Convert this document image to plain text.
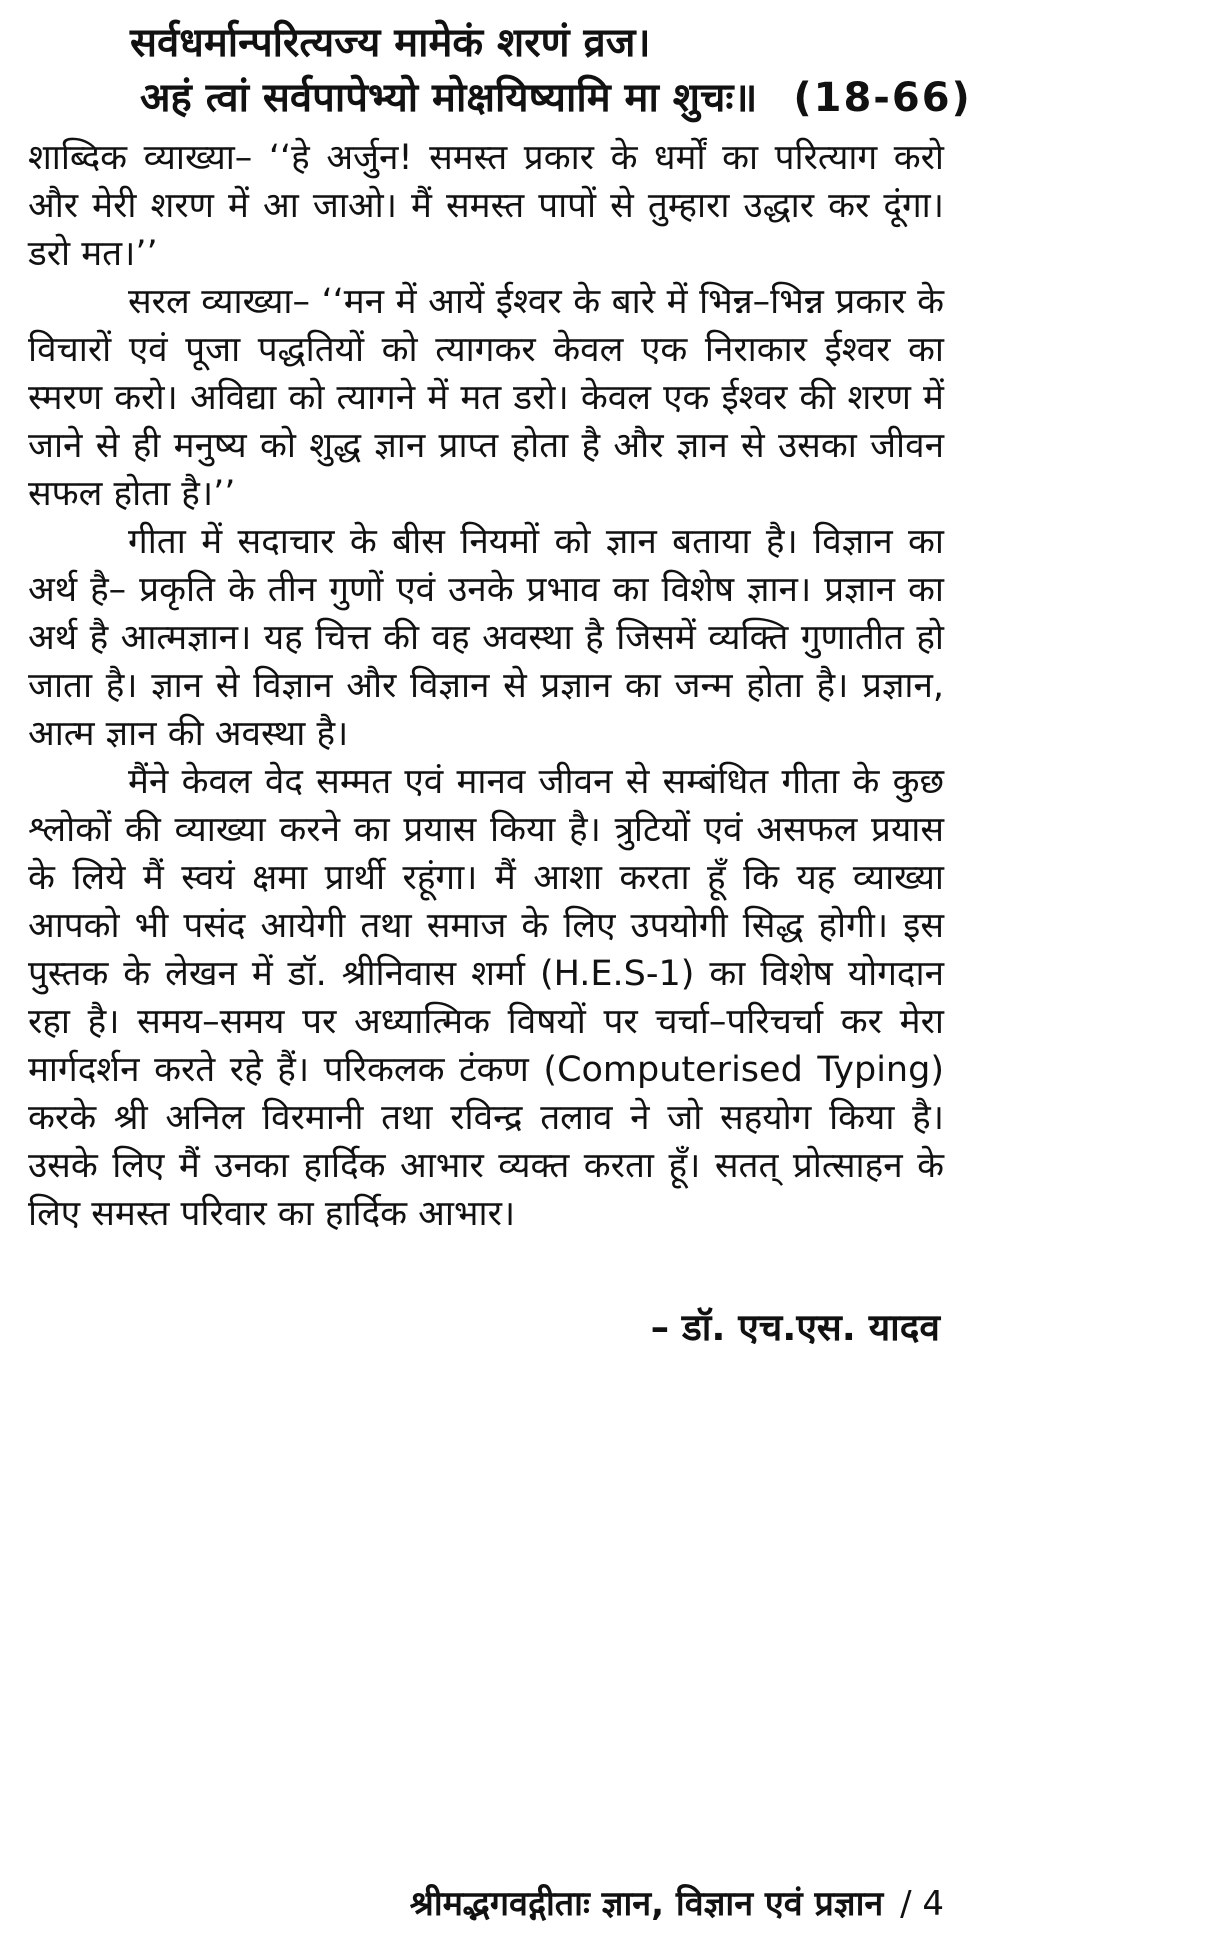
सर्वधर्मान्परित्यज्य मामेकं शरणं व्रज।
अहं त्वां सर्वपापेभ्यो मोक्षयिष्यामि मा शुचः॥ (18-66)

शाब्दिक व्याख्या– ‘‘हे अर्जुन! समस्त प्रकार के धर्मों का परित्याग करो और मेरी शरण में आ जाओ। मैं समस्त पापों से तुम्हारा उद्धार कर दूंगा। डरो मत।’’

सरल व्याख्या– ‘‘मन में आयें ईश्वर के बारे में भिन्न–भिन्न प्रकार के विचारों एवं पूजा पद्धतियों को त्यागकर केवल एक निराकार ईश्वर का स्मरण करो। अविद्या को त्यागने में मत डरो। केवल एक ईश्वर की शरण में जाने से ही मनुष्य को शुद्ध ज्ञान प्राप्त होता है और ज्ञान से उसका जीवन सफल होता है।’’

गीता में सदाचार के बीस नियमों को ज्ञान बताया है। विज्ञान का अर्थ है– प्रकृति के तीन गुणों एवं उनके प्रभाव का विशेष ज्ञान। प्रज्ञान का अर्थ है आत्मज्ञान। यह चित्त की वह अवस्था है जिसमें व्यक्ति गुणातीत हो जाता है। ज्ञान से विज्ञान और विज्ञान से प्रज्ञान का जन्म होता है। प्रज्ञान, आत्म ज्ञान की अवस्था है।

मैंने केवल वेद सम्मत एवं मानव जीवन से सम्बंधित गीता के कुछ श्लोकों की व्याख्या करने का प्रयास किया है। त्रुटियों एवं असफल प्रयास के लिये मैं स्वयं क्षमा प्रार्थी रहूंगा। मैं आशा करता हूँ कि यह व्याख्या आपको भी पसंद आयेगी तथा समाज के लिए उपयोगी सिद्ध होगी। इस पुस्तक के लेखन में डॉ. श्रीनिवास शर्मा (H.E.S-1) का विशेष योगदान रहा है। समय–समय पर अध्यात्मिक विषयों पर चर्चा–परिचर्चा कर मेरा मार्गदर्शन करते रहे हैं। परिकलक टंकण (Computerised Typing) करके श्री अनिल विरमानी तथा रविन्द्र तलाव ने जो सहयोग किया है। उसके लिए मैं उनका हार्दिक आभार व्यक्त करता हूँ। सतत् प्रोत्साहन के लिए समस्त परिवार का हार्दिक आभार।

– डॉ. एच.एस. यादव
श्रीमद्भगवद्गीताः ज्ञान, विज्ञान एवं प्रज्ञान / 4
